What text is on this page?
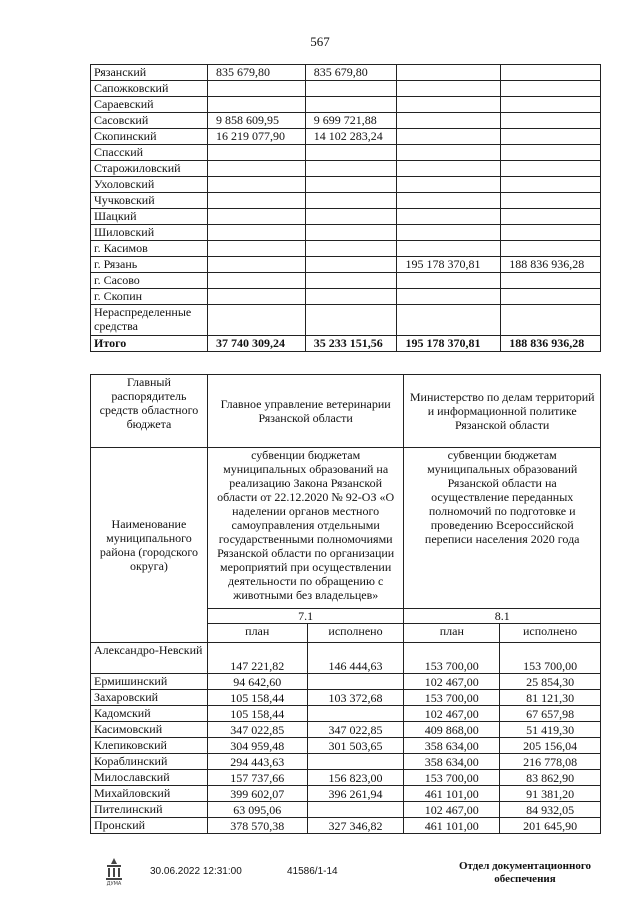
567
Рязанский	835 679,80	835 679,80		
Сапожковский				
Сараевский				
Сасовский	9 858 609,95	9 699 721,88		
Скопинский	16 219 077,90	14 102 283,24		
Спасский				
Старожиловский				
Ухоловский				
Чучковский				
Шацкий				
Шиловский				
г. Касимов				
г. Рязань			195 178 370,81	188 836 936,28
г. Сасово				
г. Скопин				
Нераспределенные средства				
Итого	37 740 309,24	35 233 151,56	195 178 370,81	188 836 936,28
Главный распорядитель средств областного бюджета	Главное управление ветеринарии Рязанской области		Министерство по делам территорий и информационной политике Рязанской области	
Наименование муниципального района (городского округа)	субвенции бюджетам муниципальных образований на реализацию Закона Рязанской области от 22.12.2020 № 92-ОЗ «О наделении органов местного самоуправления отдельными государственными полномочиями Рязанской области по организации мероприятий при осуществлении деятельности по обращению с животными без владельцев»		субвенции бюджетам муниципальных образований Рязанской области на осуществление переданных полномочий по подготовке и проведению Всероссийской переписи населения 2020 года	
	7.1		8.1	
	план	исполнено	план	исполнено
Александро-Невский	147 221,82	146 444,63	153 700,00	153 700,00
Ермишинский	94 642,60		102 467,00	25 854,30
Захаровский	105 158,44	103 372,68	153 700,00	81 121,30
Кадомский	105 158,44		102 467,00	67 657,98
Касимовский	347 022,85	347 022,85	409 868,00	51 419,30
Клепиковский	304 959,48	301 503,65	358 634,00	205 156,04
Кораблинский	294 443,63		358 634,00	216 778,08
Милославский	157 737,66	156 823,00	153 700,00	83 862,90
Михайловский	399 602,07	396 261,94	461 101,00	91 381,20
Пителинский	63 095,06		102 467,00	84 932,05
Пронский	378 570,38	327 346,82	461 101,00	201 645,90
ДУМА
30.06.2022 12:31:00	41586/1-14	Отдел документационного обеспечения
